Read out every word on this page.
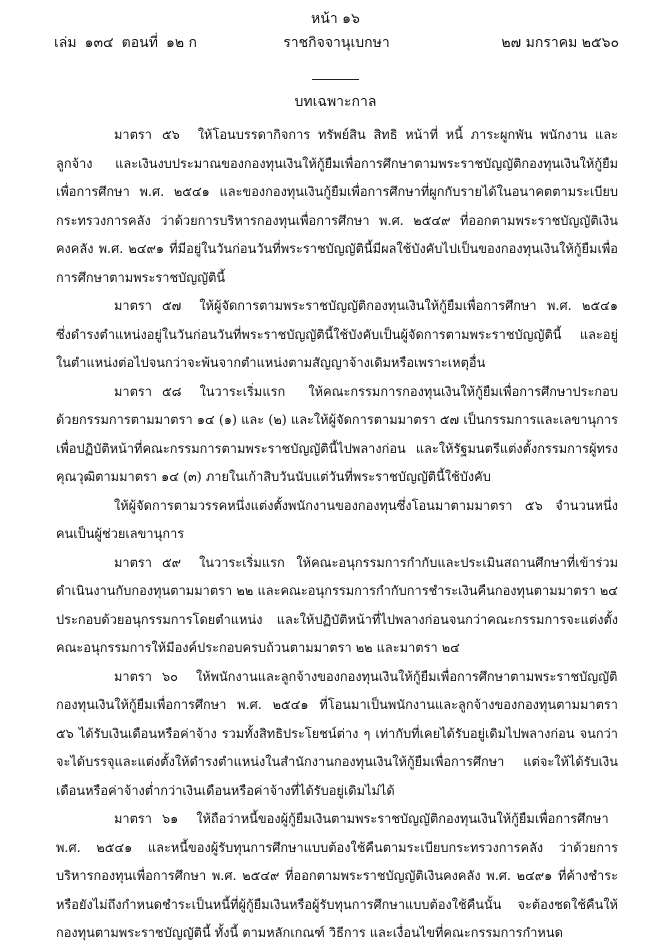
หน้า ๑๖
เล่ม ๑๓๔ ตอนที่ ๑๒ ก	ราชกิจจานุเบกษา	๒๗ มกราคม ๒๕๖๐
บทเฉพาะกาล

มาตรา ๕๖ ให้โอนบรรดากิจการ ทรัพย์สิน สิทธิ หน้าที่ หนี้ ภาระผูกพัน พนักงาน และลูกจ้าง และเงินงบประมาณของกองทุนเงินให้กู้ยืมเพื่อการศึกษาตามพระราชบัญญัติกองทุนเงินให้กู้ยืมเพื่อการศึกษา พ.ศ. ๒๕๔๑ และของกองทุนเงินกู้ยืมเพื่อการศึกษาที่ผูกกับรายได้ในอนาคตตามระเบียบกระทรวงการคลัง ว่าด้วยการบริหารกองทุนเพื่อการศึกษา พ.ศ. ๒๕๔๙ ที่ออกตามพระราชบัญญัติเงินคงคลัง พ.ศ. ๒๔๙๑ ที่มีอยู่ในวันก่อนวันที่พระราชบัญญัตินี้มีผลใช้บังคับไปเป็นของกองทุนเงินให้กู้ยืมเพื่อการศึกษาตามพระราชบัญญัตินี้

มาตรา ๕๗ ให้ผู้จัดการตามพระราชบัญญัติกองทุนเงินให้กู้ยืมเพื่อการศึกษา พ.ศ. ๒๕๔๑ ซึ่งดำรงตำแหน่งอยู่ในวันก่อนวันที่พระราชบัญญัตินี้ใช้บังคับเป็นผู้จัดการตามพระราชบัญญัตินี้ และอยู่ในตำแหน่งต่อไปจนกว่าจะพ้นจากตำแหน่งตามสัญญาจ้างเดิมหรือเพราะเหตุอื่น

มาตรา ๕๘ ในวาระเริ่มแรก ให้คณะกรรมการกองทุนเงินให้กู้ยืมเพื่อการศึกษาประกอบด้วยกรรมการตามมาตรา ๑๔ (๑) และ (๒) และให้ผู้จัดการตามมาตรา ๕๗ เป็นกรรมการและเลขานุการเพื่อปฏิบัติหน้าที่คณะกรรมการตามพระราชบัญญัตินี้ไปพลางก่อน และให้รัฐมนตรีแต่งตั้งกรรมการผู้ทรงคุณวุฒิตามมาตรา ๑๔ (๓) ภายในเก้าสิบวันนับแต่วันที่พระราชบัญญัตินี้ใช้บังคับ

ให้ผู้จัดการตามวรรคหนึ่งแต่งตั้งพนักงานของกองทุนซึ่งโอนมาตามมาตรา ๕๖ จำนวนหนึ่งคนเป็นผู้ช่วยเลขานุการ

มาตรา ๕๙ ในวาระเริ่มแรก ให้คณะอนุกรรมการกำกับและประเมินสถานศึกษาที่เข้าร่วมดำเนินงานกับกองทุนตามมาตรา ๒๒ และคณะอนุกรรมการกำกับการชำระเงินคืนกองทุนตามมาตรา ๒๔ ประกอบด้วยอนุกรรมการโดยตำแหน่ง และให้ปฏิบัติหน้าที่ไปพลางก่อนจนกว่าคณะกรรมการจะแต่งตั้งคณะอนุกรรมการให้มีองค์ประกอบครบถ้วนตามมาตรา ๒๒ และมาตรา ๒๔

มาตรา ๖๐ ให้พนักงานและลูกจ้างของกองทุนเงินให้กู้ยืมเพื่อการศึกษาตามพระราชบัญญัติกองทุนเงินให้กู้ยืมเพื่อการศึกษา พ.ศ. ๒๕๔๑ ที่โอนมาเป็นพนักงานและลูกจ้างของกองทุนตามมาตรา ๕๖ ได้รับเงินเดือนหรือค่าจ้าง รวมทั้งสิทธิประโยชน์ต่าง ๆ เท่ากับที่เคยได้รับอยู่เดิมไปพลางก่อน จนกว่าจะได้บรรจุและแต่งตั้งให้ดำรงตำแหน่งในสำนักงานกองทุนเงินให้กู้ยืมเพื่อการศึกษา แต่จะให้ได้รับเงินเดือนหรือค่าจ้างต่ำกว่าเงินเดือนหรือค่าจ้างที่ได้รับอยู่เดิมไม่ได้

มาตรา ๖๑ ให้ถือว่าหนี้ของผู้กู้ยืมเงินตามพระราชบัญญัติกองทุนเงินให้กู้ยืมเพื่อการศึกษา พ.ศ. ๒๕๔๑ และหนี้ของผู้รับทุนการศึกษาแบบต้องใช้คืนตามระเบียบกระทรวงการคลัง ว่าด้วยการบริหารกองทุนเพื่อการศึกษา พ.ศ. ๒๕๔๙ ที่ออกตามพระราชบัญญัติเงินคงคลัง พ.ศ. ๒๔๙๑ ที่ค้างชำระหรือยังไม่ถึงกำหนดชำระเป็นหนี้ที่ผู้กู้ยืมเงินหรือผู้รับทุนการศึกษาแบบต้องใช้คืนนั้น จะต้องชดใช้คืนให้กองทุนตามพระราชบัญญัตินี้ ทั้งนี้ ตามหลักเกณฑ์ วิธีการ และเงื่อนไขที่คณะกรรมการกำหนด
